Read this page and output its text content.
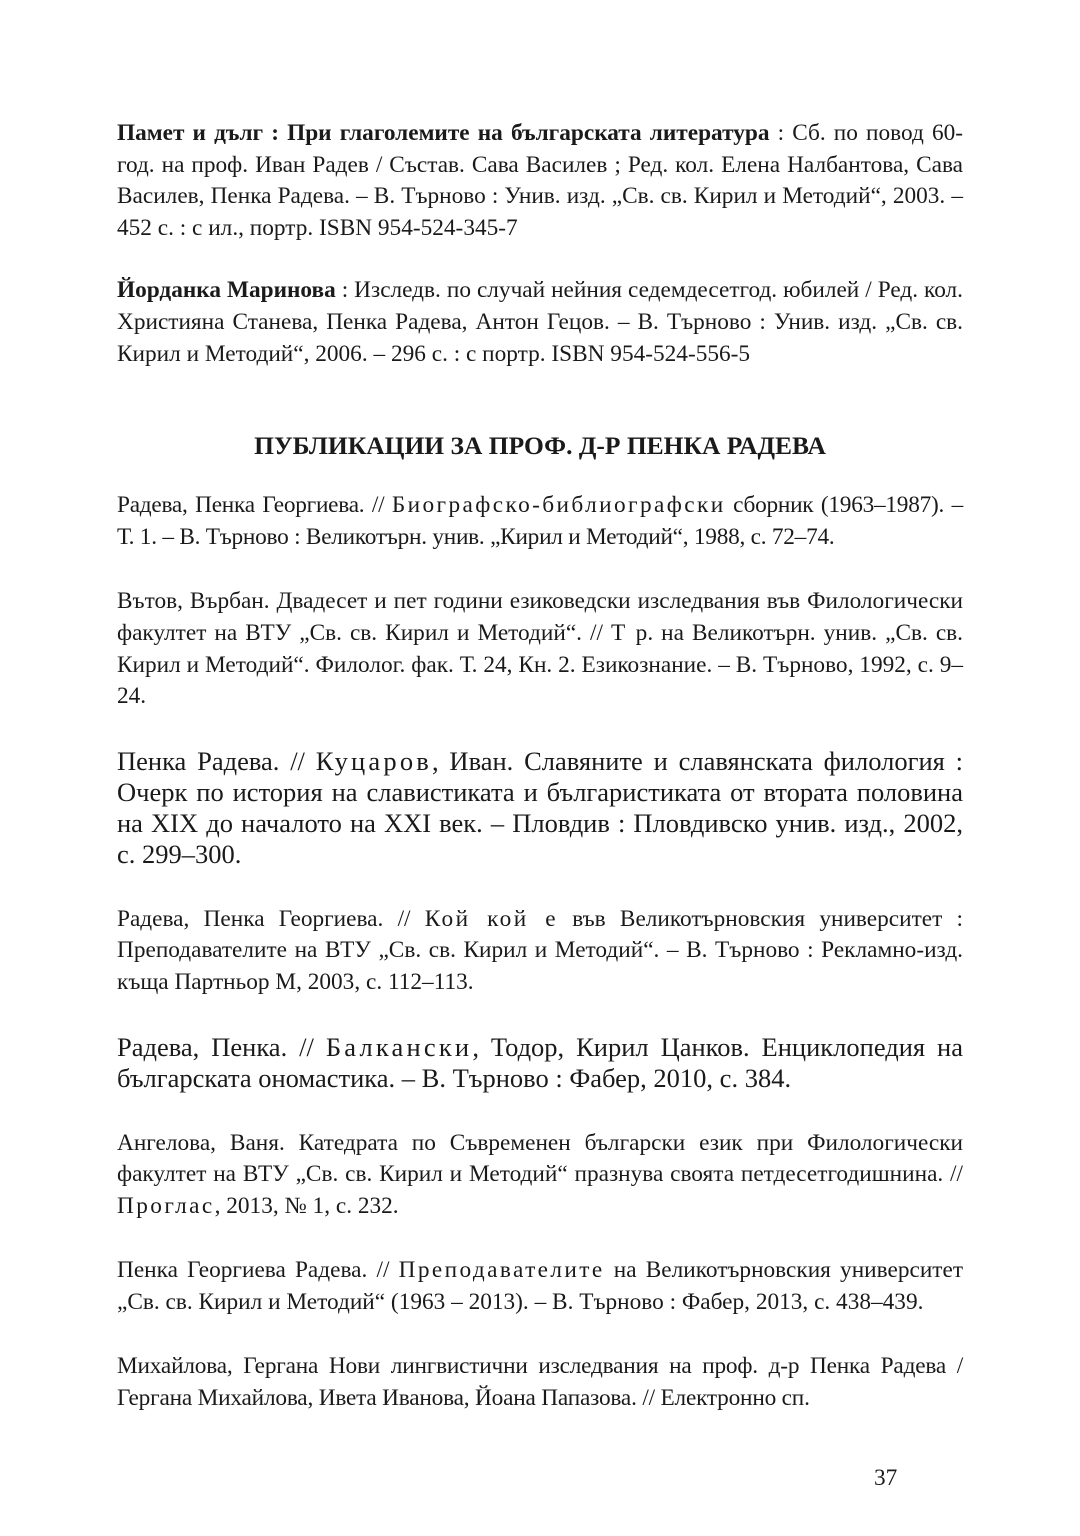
Памет и дълг : При глаголемите на българската литература : Сб. по повод 60-год. на проф. Иван Радев / Състав. Сава Василев ; Ред. кол. Елена Налбантова, Сава Василев, Пенка Радева. – В. Търново : Унив. изд. „Св. св. Кирил и Методий“, 2003. – 452 с. : с ил., портр. ISBN 954-524-345-7

Йорданка Маринова : Изследв. по случай нейния седемдесетгод. юбилей / Ред. кол. Християна Станева, Пенка Радева, Антон Гецов. – В. Търново : Унив. изд. „Св. св. Кирил и Методий“, 2006. – 296 с. : с портр. ISBN 954-524-556-5

ПУБЛИКАЦИИ ЗА ПРОФ. Д-Р ПЕНКА РАДЕВА

Радева, Пенка Георгиева. // Биографско-библиографски сборник (1963–1987). – Т. 1. – В. Търново : Великотърн. унив. „Кирил и Методий“, 1988, с. 72–74.

Вътов, Върбан. Двадесет и пет години езиковедски изследвания във Филологически факултет на ВТУ „Св. св. Кирил и Методий“. // Т р. на Великотърн. унив. „Св. св. Кирил и Методий“. Филолог. фак. Т. 24, Кн. 2. Езикознание. – В. Търново, 1992, с. 9–24.

Пенка Радева. // Куцаров, Иван. Славяните и славянската филология : Очерк по история на славистиката и българистиката от втората половина на XIX до началото на XXI век. – Пловдив : Пловдивско унив. изд., 2002, с. 299–300.

Радева, Пенка Георгиева. // Кой кой е във Великотърновския университет : Преподавателите на ВТУ „Св. св. Кирил и Методий“. – В. Търново : Рекламно-изд. къща Партньор М, 2003, с. 112–113.

Радева, Пенка. // Балкански, Тодор, Кирил Цанков. Енциклопедия на българската ономастика. – В. Търново : Фабер, 2010, с. 384.

Ангелова, Ваня. Катедрата по Съвременен български език при Филологически факултет на ВТУ „Св. св. Кирил и Методий“ празнува своята петдесетгодишнина. // Проглас, 2013, № 1, с. 232.

Пенка Георгиева Радева. // Преподавателите на Великотърновския университет „Св. св. Кирил и Методий“ (1963 – 2013). – В. Търново : Фабер, 2013, с. 438–439.

Михайлова, Гергана Нови лингвистични изследвания на проф. д-р Пенка Радева / Гергана Михайлова, Ивета Иванова, Йоана Папазова. // Електронно сп.

37
